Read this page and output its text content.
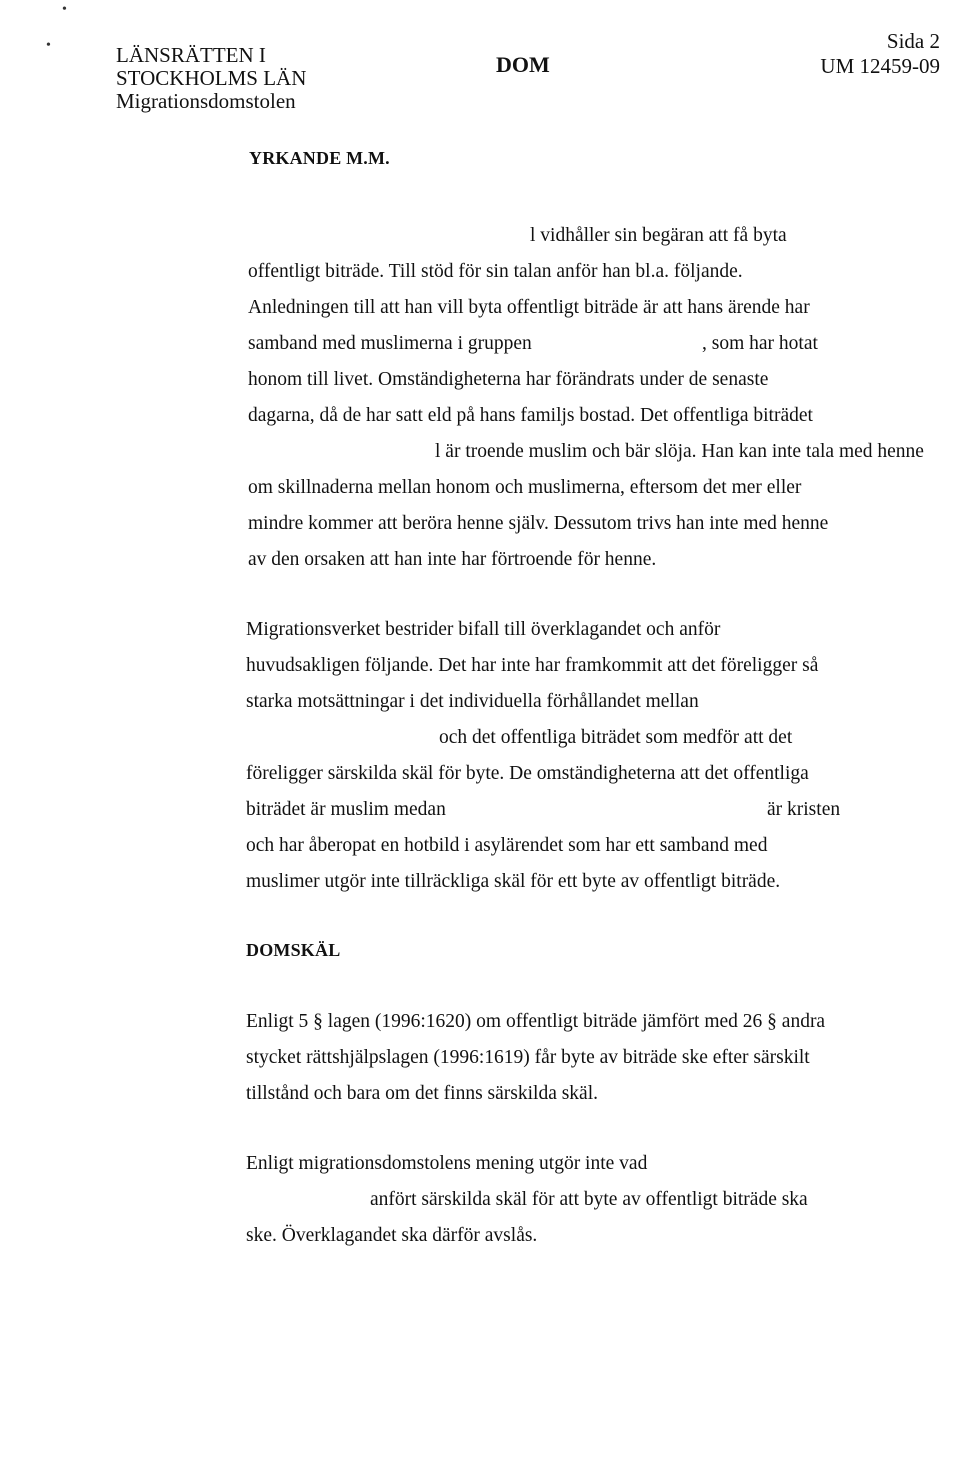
•
•	LÄNSRÄTTEN I
STOCKHOLMS LÄN
Migrationsdomstolen
DOM
Sida 2
UM 12459-09
YRKANDE M.M.
l vidhåller sin begäran att få byta
offentligt biträde. Till stöd för sin talan anför han bl.a. följande.
Anledningen till att han vill byta offentligt biträde är att hans ärende har
samband med muslimerna i gruppen	, som har hotat
honom till livet. Omständigheterna har förändrats under de senaste
dagarna, då de har satt eld på hans familjs bostad. Det offentliga biträdet
l är troende muslim och bär slöja. Han kan inte tala med henne
om skillnaderna mellan honom och muslimerna, eftersom det mer eller
mindre kommer att beröra henne själv. Dessutom trivs han inte med henne
av den orsaken att han inte har förtroende för henne.
Migrationsverket bestrider bifall till överklagandet och anför
huvudsakligen följande. Det har inte har framkommit att det föreligger så
starka motsättningar i det individuella förhållandet mellan
och det offentliga biträdet som medför att det
föreligger särskilda skäl för byte. De omständigheterna att det offentliga
biträdet är muslim medan	är kristen
och har åberopat en hotbild i asylärendet som har ett samband med
muslimer utgör inte tillräckliga skäl för ett byte av offentligt biträde.
DOMSKÄL
Enligt 5 § lagen (1996:1620) om offentligt biträde jämfört med 26 § andra
stycket rättshjälpslagen (1996:1619) får byte av biträde ske efter särskilt
tillstånd och bara om det finns särskilda skäl.
Enligt migrationsdomstolens mening utgör inte vad
anfört särskilda skäl för att byte av offentligt biträde ska
ske. Överklagandet ska därför avslås.
